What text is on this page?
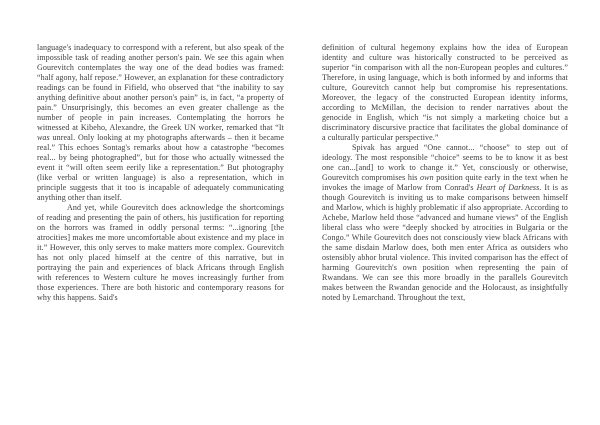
language's inadequacy to correspond with a referent, but also speak of the impossible task of reading another person's pain. We see this again when Gourevitch contemplates the way one of the dead bodies was framed: “half agony, half repose.” However, an explanation for these contradictory readings can be found in Fifield, who observed that “the inability to say anything definitive about another person's pain” is, in fact, “a property of pain.” Unsurprisingly, this becomes an even greater challenge as the number of people in pain increases. Contemplating the horrors he witnessed at Kibeho, Alexandre, the Greek UN worker, remarked that “It was unreal. Only looking at my photographs afterwards – then it became real.” This echoes Sontag's remarks about how a catastrophe “becomes real... by being photographed”, but for those who actually witnessed the event it “will often seem eerily like a representation.” But photography (like verbal or written language) is also a representation, which in principle suggests that it too is incapable of adequately communicating anything other than itself.

And yet, while Gourevitch does acknowledge the shortcomings of reading and presenting the pain of others, his justification for reporting on the horrors was framed in oddly personal terms: “...ignoring [the atrocities] makes me more uncomfortable about existence and my place in it.” However, this only serves to make matters more complex. Gourevitch has not only placed himself at the centre of this narrative, but in portraying the pain and experiences of black Africans through English with references to Western culture he moves increasingly further from those experiences. There are both historic and contemporary reasons for why this happens. Said's

definition of cultural hegemony explains how the idea of European identity and culture was historically constructed to be perceived as superior “in comparison with all the non-European peoples and cultures.” Therefore, in using language, which is both informed by and informs that culture, Gourevitch cannot help but compromise his representations. Moreover, the legacy of the constructed European identity informs, according to McMillan, the decision to render narratives about the genocide in English, which “is not simply a marketing choice but a discriminatory discursive practice that facilitates the global dominance of a culturally particular perspective.”

Spivak has argued “One cannot... “choose” to step out of ideology. The most responsible “choice” seems to be to know it as best one can...[and] to work to change it.” Yet, consciously or otherwise, Gourevitch compromises his own position quite early in the text when he invokes the image of Marlow from Conrad's Heart of Darkness. It is as though Gourevitch is inviting us to make comparisons between himself and Marlow, which is highly problematic if also appropriate. According to Achebe, Marlow held those “advanced and humane views” of the English liberal class who were “deeply shocked by atrocities in Bulgaria or the Congo.” While Gourevitch does not consciously view black Africans with the same disdain Marlow does, both men enter Africa as outsiders who ostensibly abhor brutal violence. This invited comparison has the effect of harming Gourevitch's own position when representing the pain of Rwandans. We can see this more broadly in the parallels Gourevitch makes between the Rwandan genocide and the Holocaust, as insightfully noted by Lemarchand. Throughout the text,
